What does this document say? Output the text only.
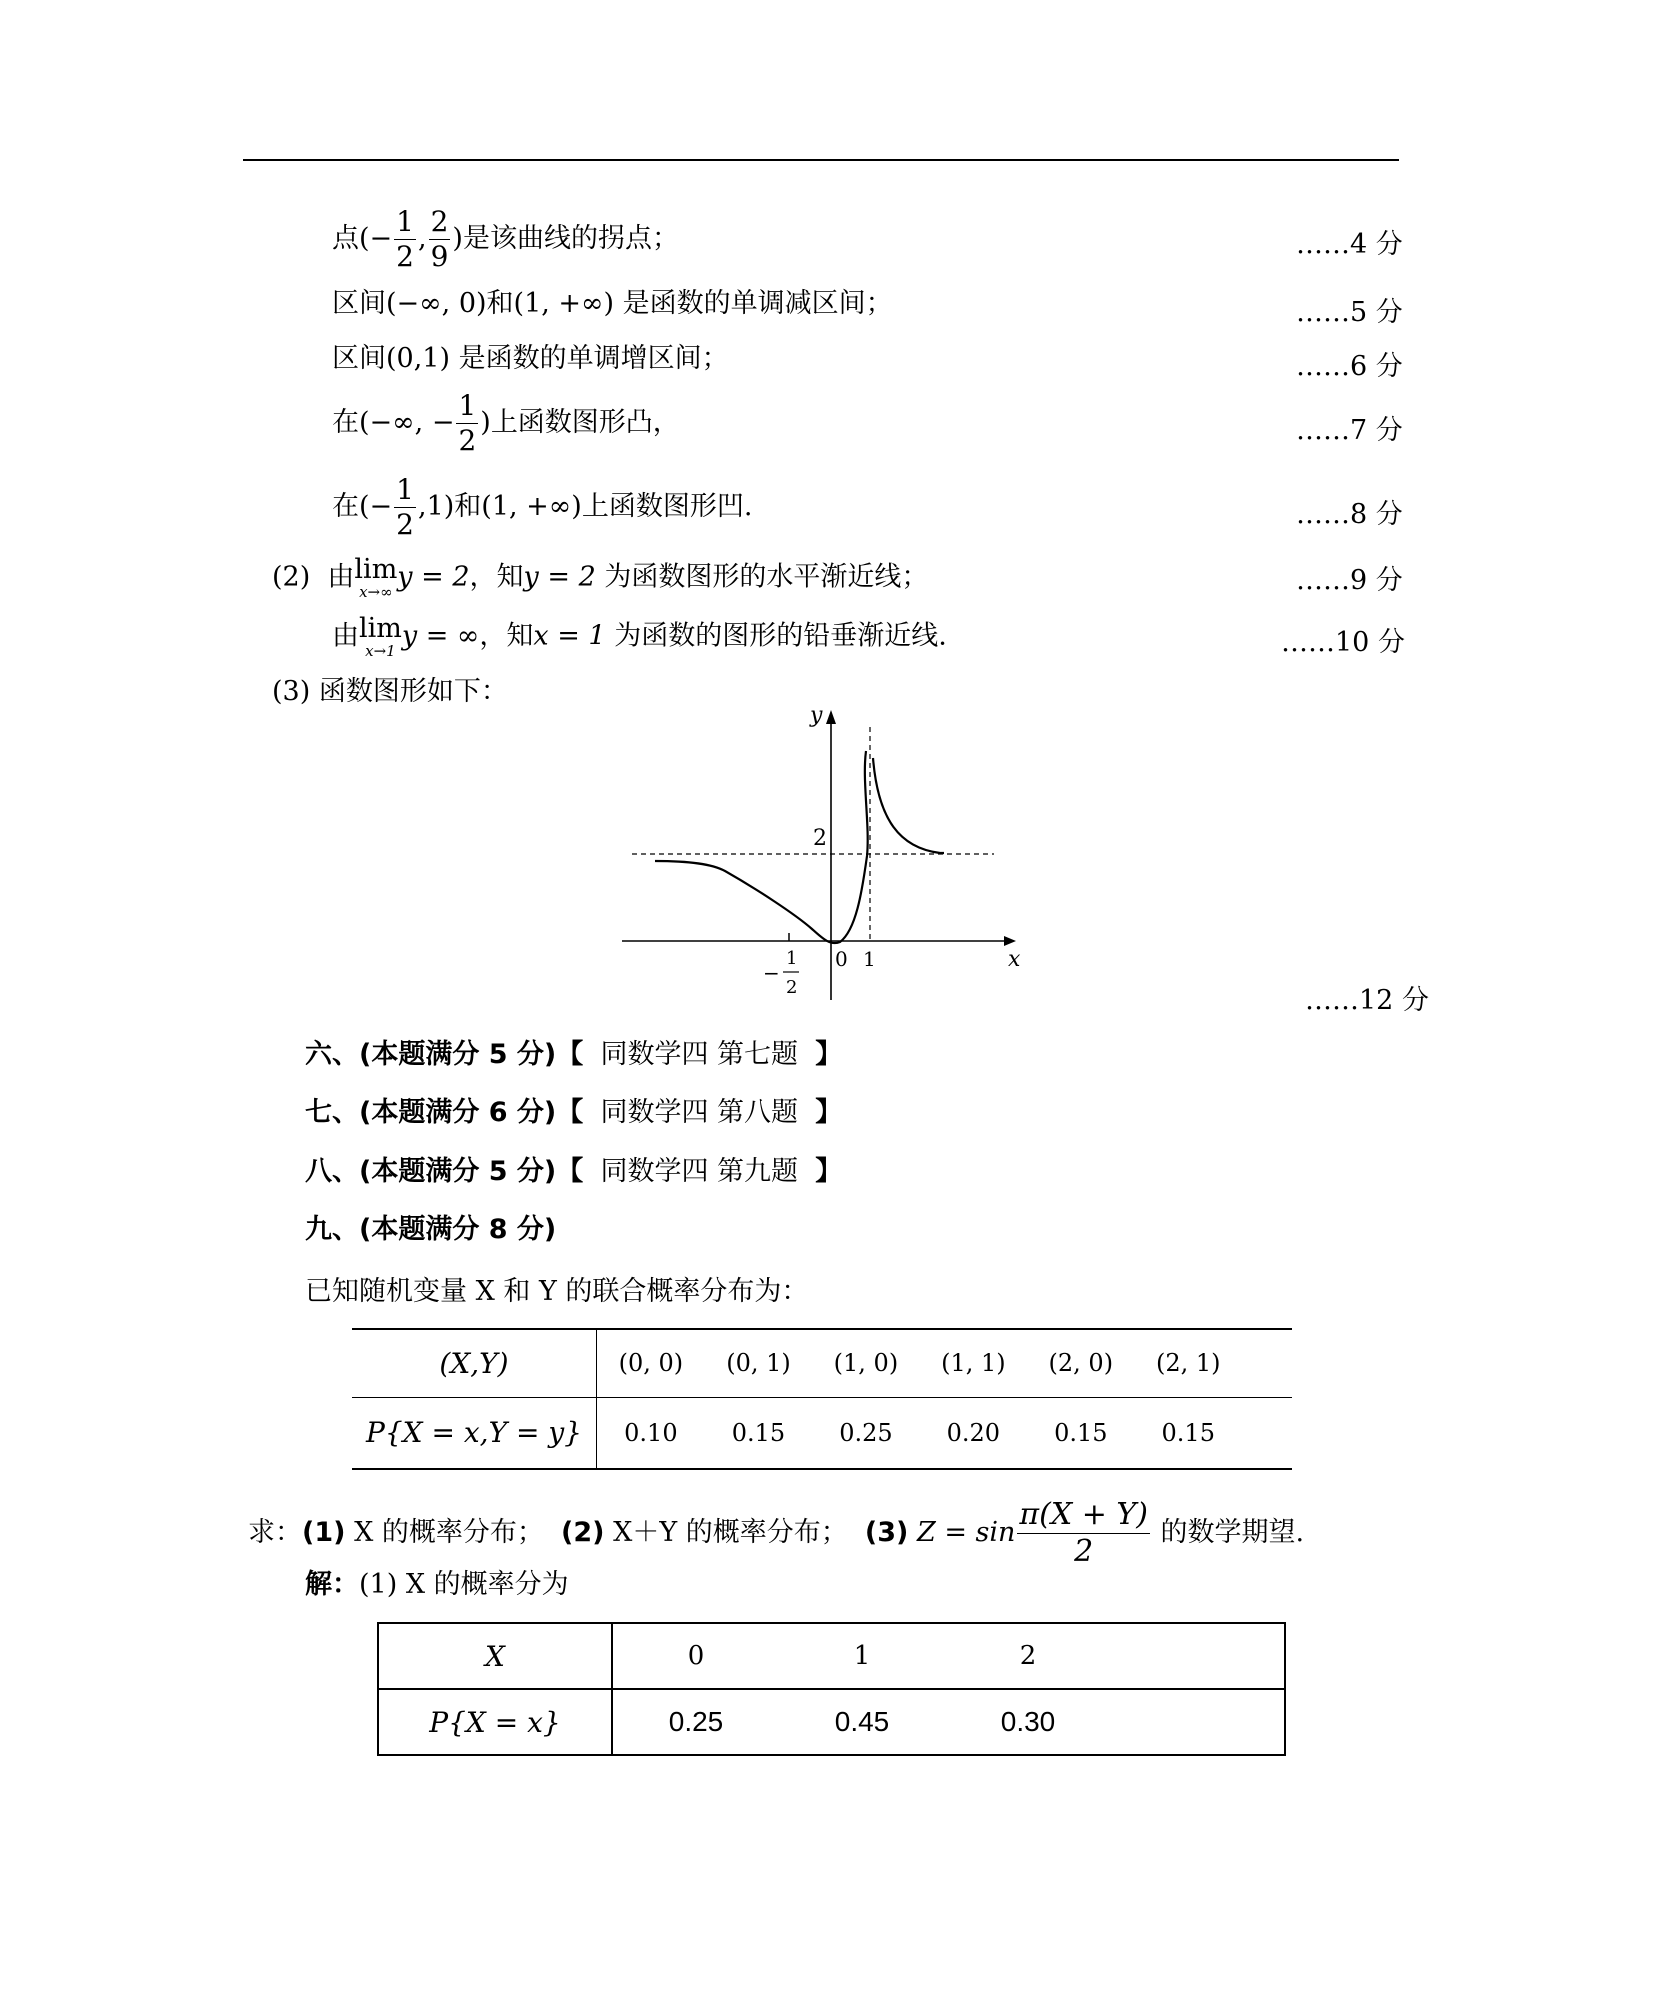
点(− $\frac{1}{2}$ , $\frac{2}{9}$ )是该曲线的拐点；	……4 分
区间(−∞, 0)和(1, +∞) 是函数的单调减区间；	……5 分
区间(0,1) 是函数的单调增区间；	……6 分
在(−∞, − $\frac{1}{2}$ )上函数图形凸，	……7 分
在(− $\frac{1}{2} ,1$)和(1, +∞)上函数图形凹.	……8 分
(2) 由 lim
x→∞ y = 2，知y = 2 为函数图形的水平渐近线；	……9 分
由 lim
x→1 y = ∞，知x = 1 为函数的图形的铅垂渐近线.	……10 分
(3) 函数图形如下：
y
x
2
0 1
−
1
2	……12 分
六、(本题满分 5 分)【 同数学四 第七题 】
七、(本题满分 6 分)【 同数学四 第八题 】
八、(本题满分 5 分)【 同数学四 第九题 】
九、(本题满分 8 分)
已知随机变量 X 和 Y 的联合概率分布为：
(X,Y)	(0, 0)	(0, 1)	(1, 0)	(1, 1)	(2, 0)	(2, 1)	
P{X = x,Y = y}	0.10	0.15	0.25	0.20	0.15	0.15	
求：(1) X 的概率分布； (2) X＋Y 的概率分布； (3) $Z = \sin \frac{\pi(X + Y)}{2}$ 的数学期望.
解：(1) X 的概率分为
X	0	1	2	
P{X = x}	0.25	0.45	0.30	
